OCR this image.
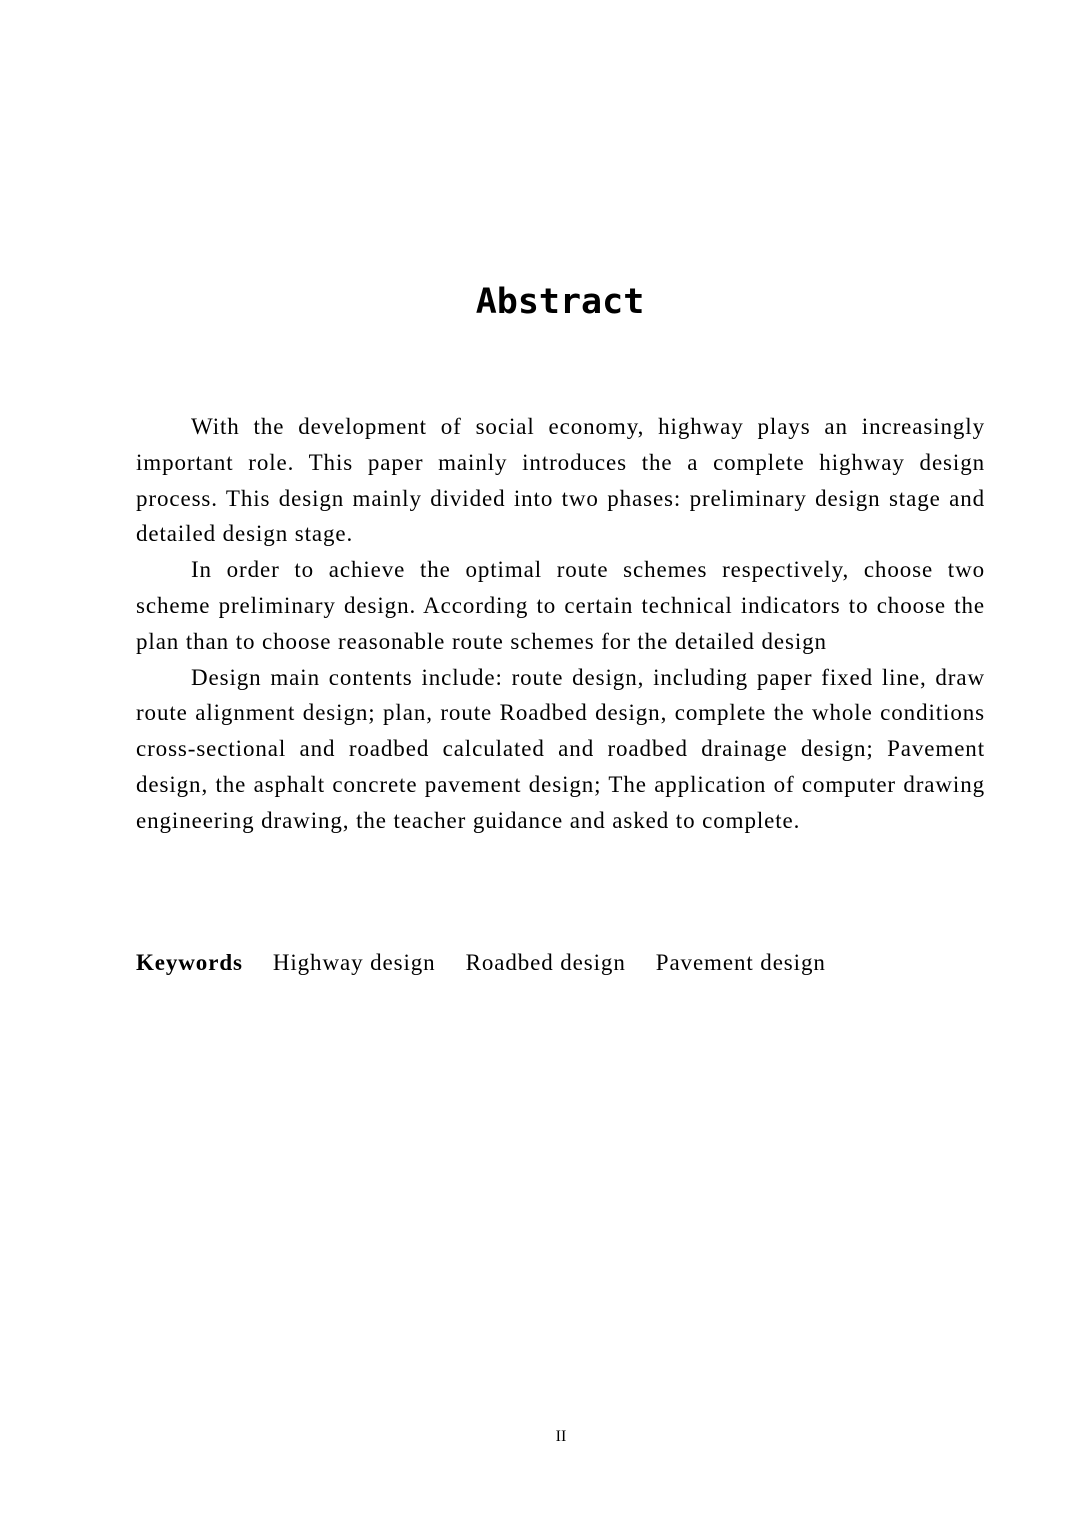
Abstract

With the development of social economy, highway plays an increasingly important role. This paper mainly introduces the a complete highway design process. This design mainly divided into two phases: preliminary design stage and detailed design stage.

In order to achieve the optimal route schemes respectively, choose two scheme preliminary design. According to certain technical indicators to choose the plan than to choose reasonable route schemes for the detailed design

Design main contents include: route design, including paper fixed line, draw route alignment design; plan, route Roadbed design, complete the whole conditions cross-sectional and roadbed calculated and roadbed drainage design; Pavement design, the asphalt concrete pavement design; The application of computer drawing engineering drawing, the teacher guidance and asked to complete.

Keywords Highway design Roadbed design Pavement design
II
